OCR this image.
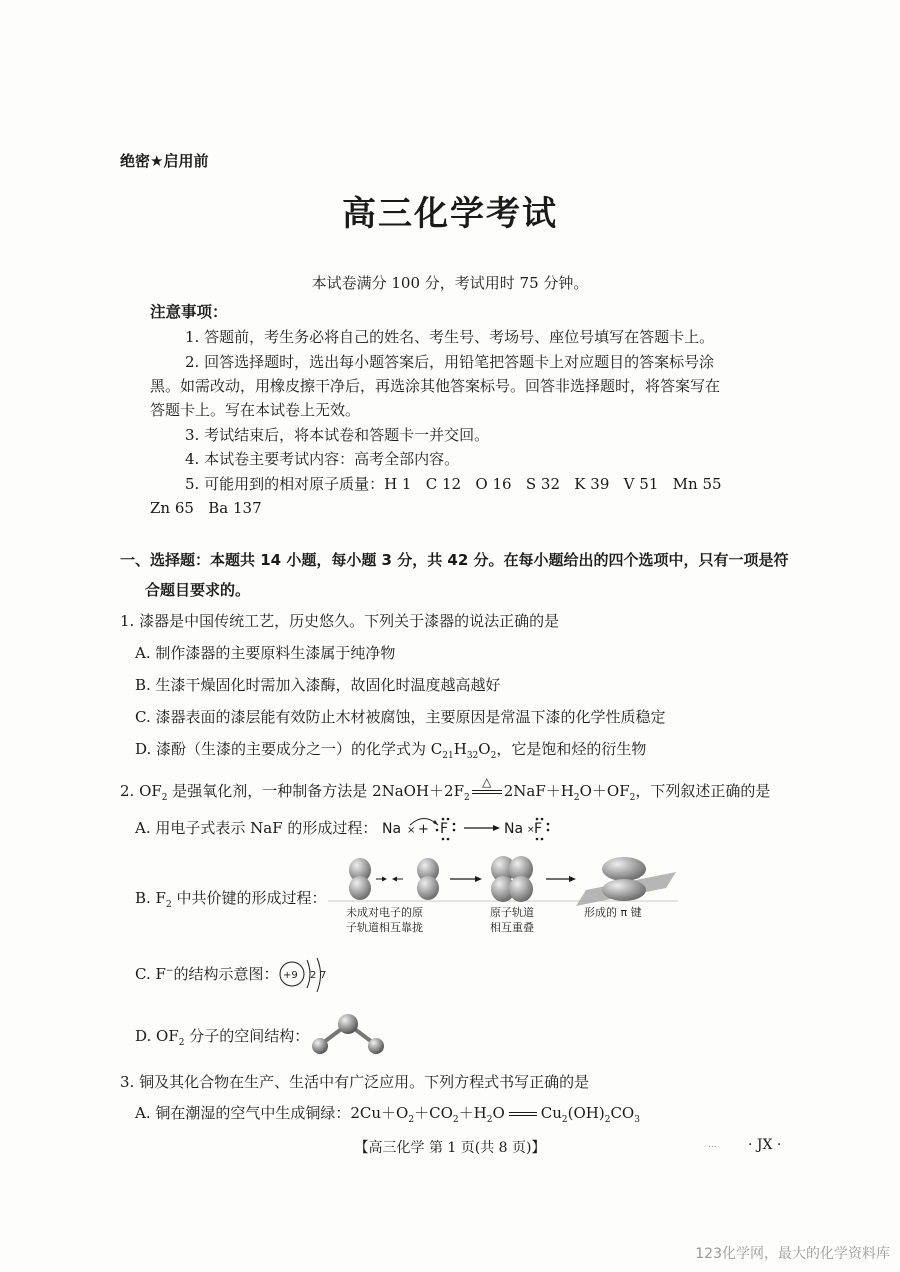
绝密★启用前
高三化学考试
本试卷满分 100 分，考试用时 75 分钟。
注意事项：
1. 答题前，考生务必将自己的姓名、考生号、考场号、座位号填写在答题卡上。
2. 回答选择题时，选出每小题答案后，用铅笔把答题卡上对应题目的答案标号涂
黑。如需改动，用橡皮擦干净后，再选涂其他答案标号。回答非选择题时，将答案写在
答题卡上。写在本试卷上无效。
3. 考试结束后，将本试卷和答题卡一并交回。
4. 本试卷主要考试内容：高考全部内容。
5. 可能用到的相对原子质量：H 1   C 12   O 16   S 32   K 39   V 51   Mn 55
Zn 65   Ba 137
一、选择题：本题共 14 小题，每小题 3 分，共 42 分。在每小题给出的四个选项中，只有一项是符
合题目要求的。
1. 漆器是中国传统工艺，历史悠久。下列关于漆器的说法正确的是
A. 制作漆器的主要原料生漆属于纯净物
B. 生漆干燥固化时需加入漆酶，故固化时温度越高越好
C. 漆器表面的漆层能有效防止木材被腐蚀，主要原因是常温下漆的化学性质稳定
D. 漆酚（生漆的主要成分之一）的化学式为 $C_{21}H_{32}O_2$，它是饱和烃的衍生物
2. $OF_2$ 是强氧化剂，一种制备方法是 $2NaOH+2F_2$
△ $2NaF+H_2O+OF_2$，下列叙述正确的是
A. 用电子式表示 NaF 的形成过程： Na × + F	Na × F
B. $F_2$ 中共价键的形成过程：
未成对电子的原
子轨道相互靠拢
原子轨道
相互重叠
形成的 π 键
C. F−的结构示意图： +9 2 7
D. $OF_2$ 分子的空间结构：
3. 铜及其化合物在生产、生活中有广泛应用。下列方程式书写正确的是
A. 铜在潮湿的空气中生成铜绿：$2Cu+O_2+CO_2+H_2O$ $Cu_2(OH)_2CO_3$
【高三化学 第 1 页(共 8 页)】	... · JX ·
123化学网，最大的化学资料库
